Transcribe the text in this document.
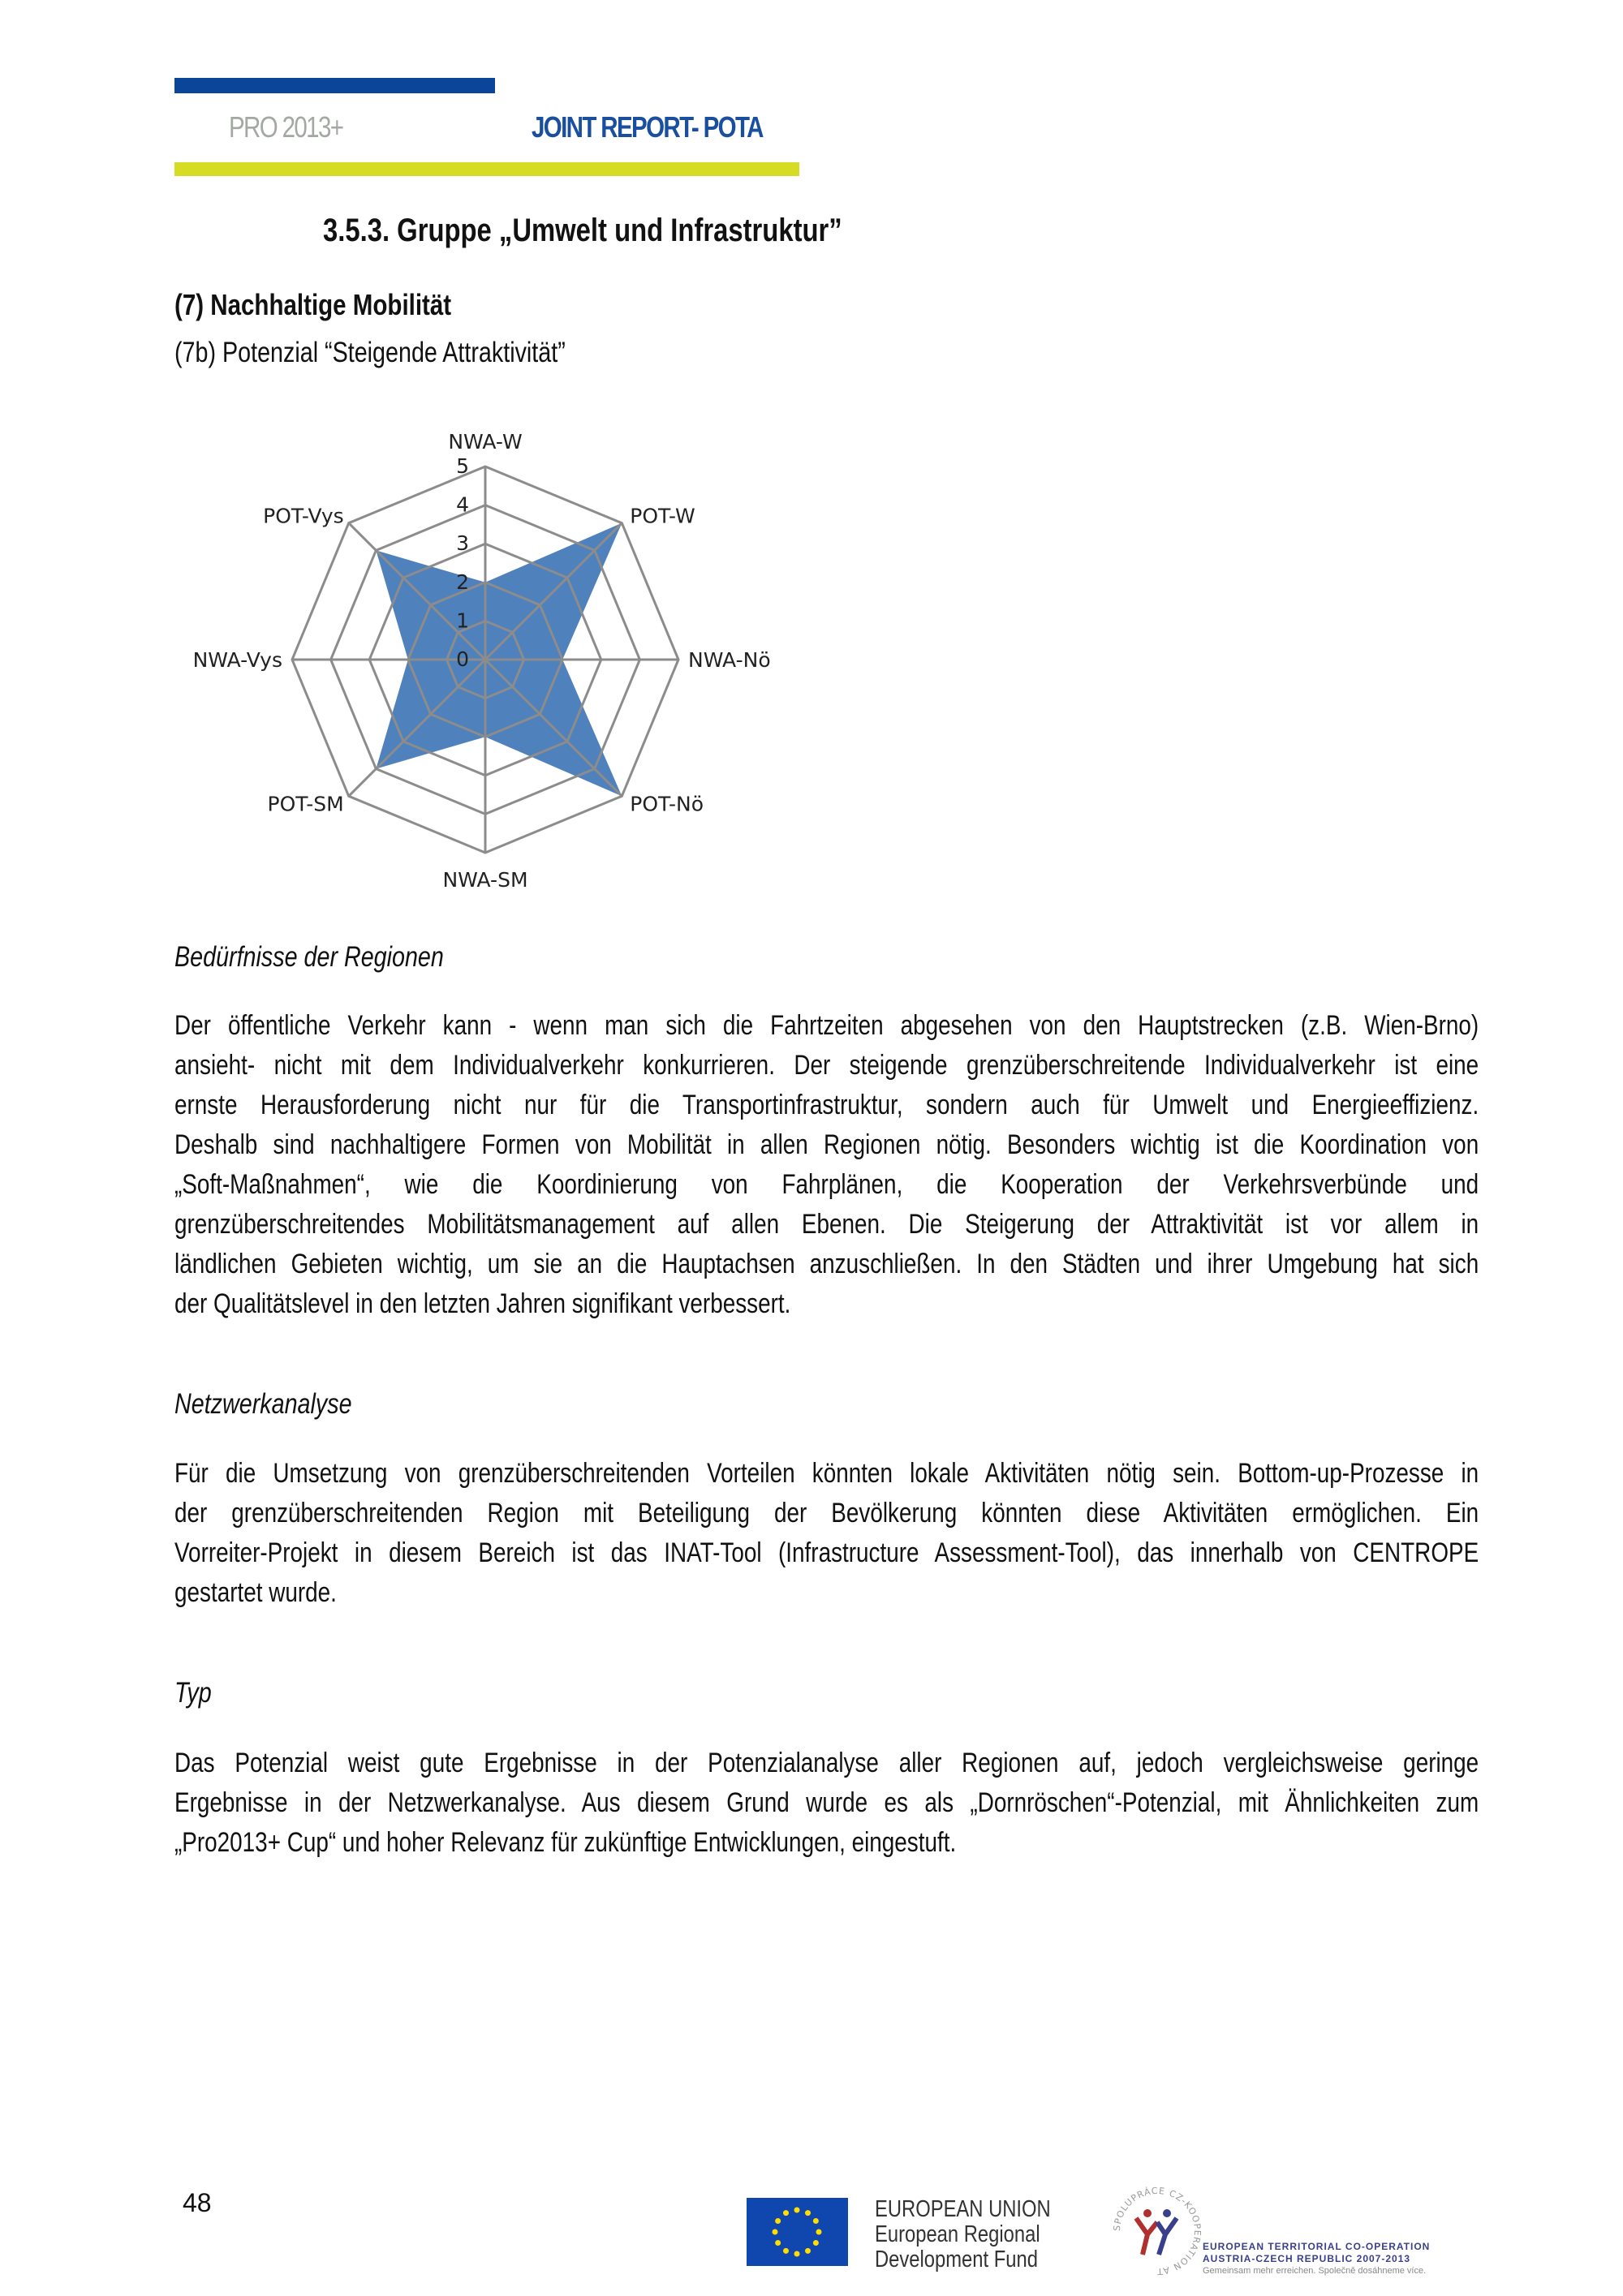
PRO 2013+	JOINT REPORT- POTA
3.5.3. Gruppe „Umwelt und Infrastruktur”
(7) Nachhaltige Mobilität
(7b) Potenzial “Steigende Attraktivität”
0
1
2
3
4
5
NWA-W
POT-W
NWA-Nö
POT-Nö
NWA-SM
POT-SM
NWA-Vys
POT-Vys
Bedürfnisse der Regionen
Der öffentliche Verkehr kann - wenn man sich die Fahrtzeiten abgesehen von den Hauptstrecken (z.B. Wien-Brno)
ansieht- nicht mit dem Individualverkehr konkurrieren. Der steigende grenzüberschreitende Individualverkehr ist eine
ernste Herausforderung nicht nur für die Transportinfrastruktur, sondern auch für Umwelt und Energieeffizienz.
Deshalb sind nachhaltigere Formen von Mobilität in allen Regionen nötig. Besonders wichtig ist die Koordination von
„Soft-Maßnahmen“, wie die Koordinierung von Fahrplänen, die Kooperation der Verkehrsverbünde und
grenzüberschreitendes Mobilitätsmanagement auf allen Ebenen. Die Steigerung der Attraktivität ist vor allem in
ländlichen Gebieten wichtig, um sie an die Hauptachsen anzuschließen. In den Städten und ihrer Umgebung hat sich
der Qualitätslevel in den letzten Jahren signifikant verbessert.
Netzwerkanalyse
Für die Umsetzung von grenzüberschreitenden Vorteilen könnten lokale Aktivitäten nötig sein. Bottom-up-Prozesse in
der grenzüberschreitenden Region mit Beteiligung der Bevölkerung könnten diese Aktivitäten ermöglichen. Ein
Vorreiter-Projekt in diesem Bereich ist das INAT-Tool (Infrastructure Assessment-Tool), das innerhalb von CENTROPE
gestartet wurde.
Typ
Das Potenzial weist gute Ergebnisse in der Potenzialanalyse aller Regionen auf, jedoch vergleichsweise geringe
Ergebnisse in der Netzwerkanalyse. Aus diesem Grund wurde es als „Dornröschen“-Potenzial, mit Ähnlichkeiten zum
„Pro2013+ Cup“ und hoher Relevanz für zukünftige Entwicklungen, eingestuft.
48	EUROPEAN UNION
European Regional
Development Fund
SPOLUPRÁCE CZ-KOOPERATION AT
EUROPEAN TERRITORIAL CO-OPERATION
AUSTRIA-CZECH REPUBLIC 2007-2013
Gemeinsam mehr erreichen. Společně dosáhneme více.
